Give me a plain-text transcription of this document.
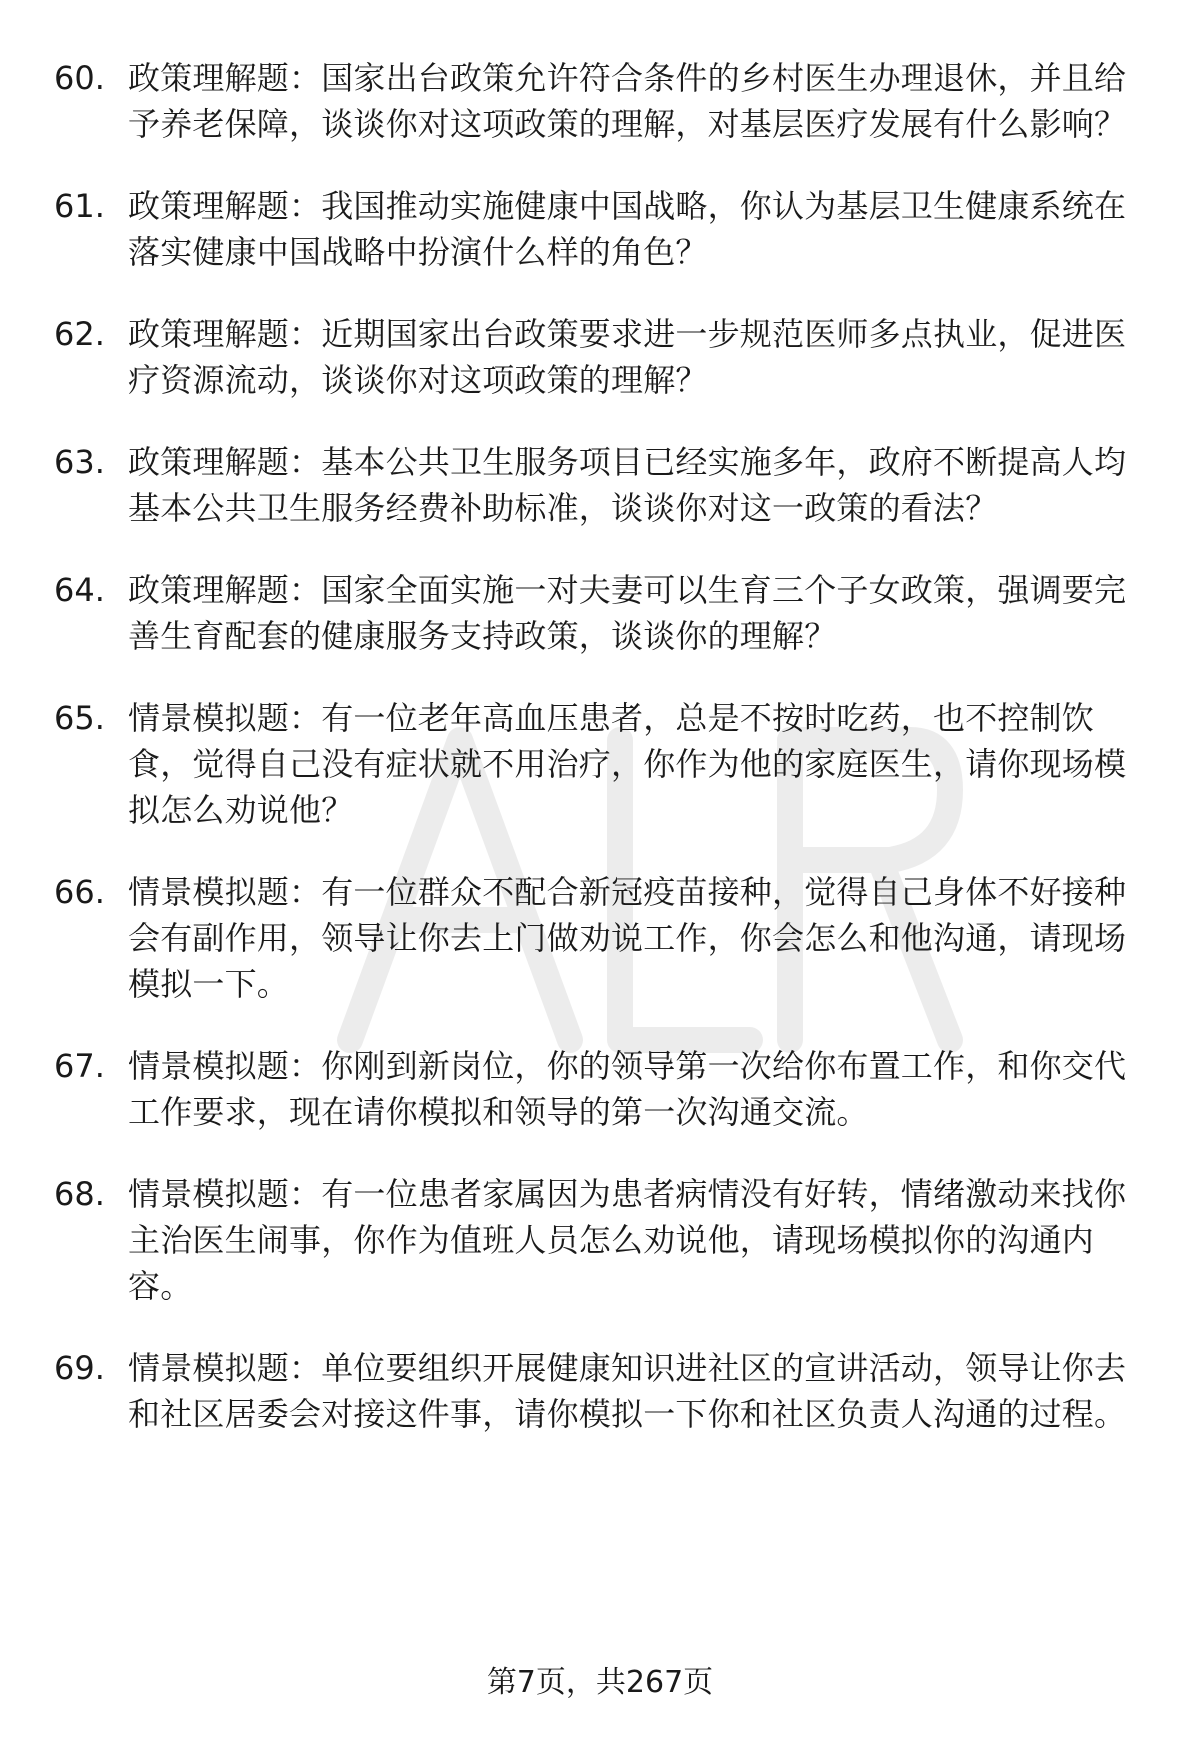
60. 政策理解题：国家出台政策允许符合条件的乡村医生办理退休，并且给予养老保障，谈谈你对这项政策的理解，对基层医疗发展有什么影响？
61. 政策理解题：我国推动实施健康中国战略，你认为基层卫生健康系统在落实健康中国战略中扮演什么样的角色？
62. 政策理解题：近期国家出台政策要求进一步规范医师多点执业，促进医疗资源流动，谈谈你对这项政策的理解？
63. 政策理解题：基本公共卫生服务项目已经实施多年，政府不断提高人均基本公共卫生服务经费补助标准，谈谈你对这一政策的看法？
64. 政策理解题：国家全面实施一对夫妻可以生育三个子女政策，强调要完善生育配套的健康服务支持政策，谈谈你的理解？
65. 情景模拟题：有一位老年高血压患者，总是不按时吃药，也不控制饮食，觉得自己没有症状就不用治疗，你作为他的家庭医生，请你现场模拟怎么劝说他？
66. 情景模拟题：有一位群众不配合新冠疫苗接种，觉得自己身体不好接种会有副作用，领导让你去上门做劝说工作，你会怎么和他沟通，请现场模拟一下。
67. 情景模拟题：你刚到新岗位，你的领导第一次给你布置工作，和你交代工作要求，现在请你模拟和领导的第一次沟通交流。
68. 情景模拟题：有一位患者家属因为患者病情没有好转，情绪激动来找你主治医生闹事，你作为值班人员怎么劝说他，请现场模拟你的沟通内容。
69. 情景模拟题：单位要组织开展健康知识进社区的宣讲活动，领导让你去和社区居委会对接这件事，请你模拟一下你和社区负责人沟通的过程。
第7页，共267页
